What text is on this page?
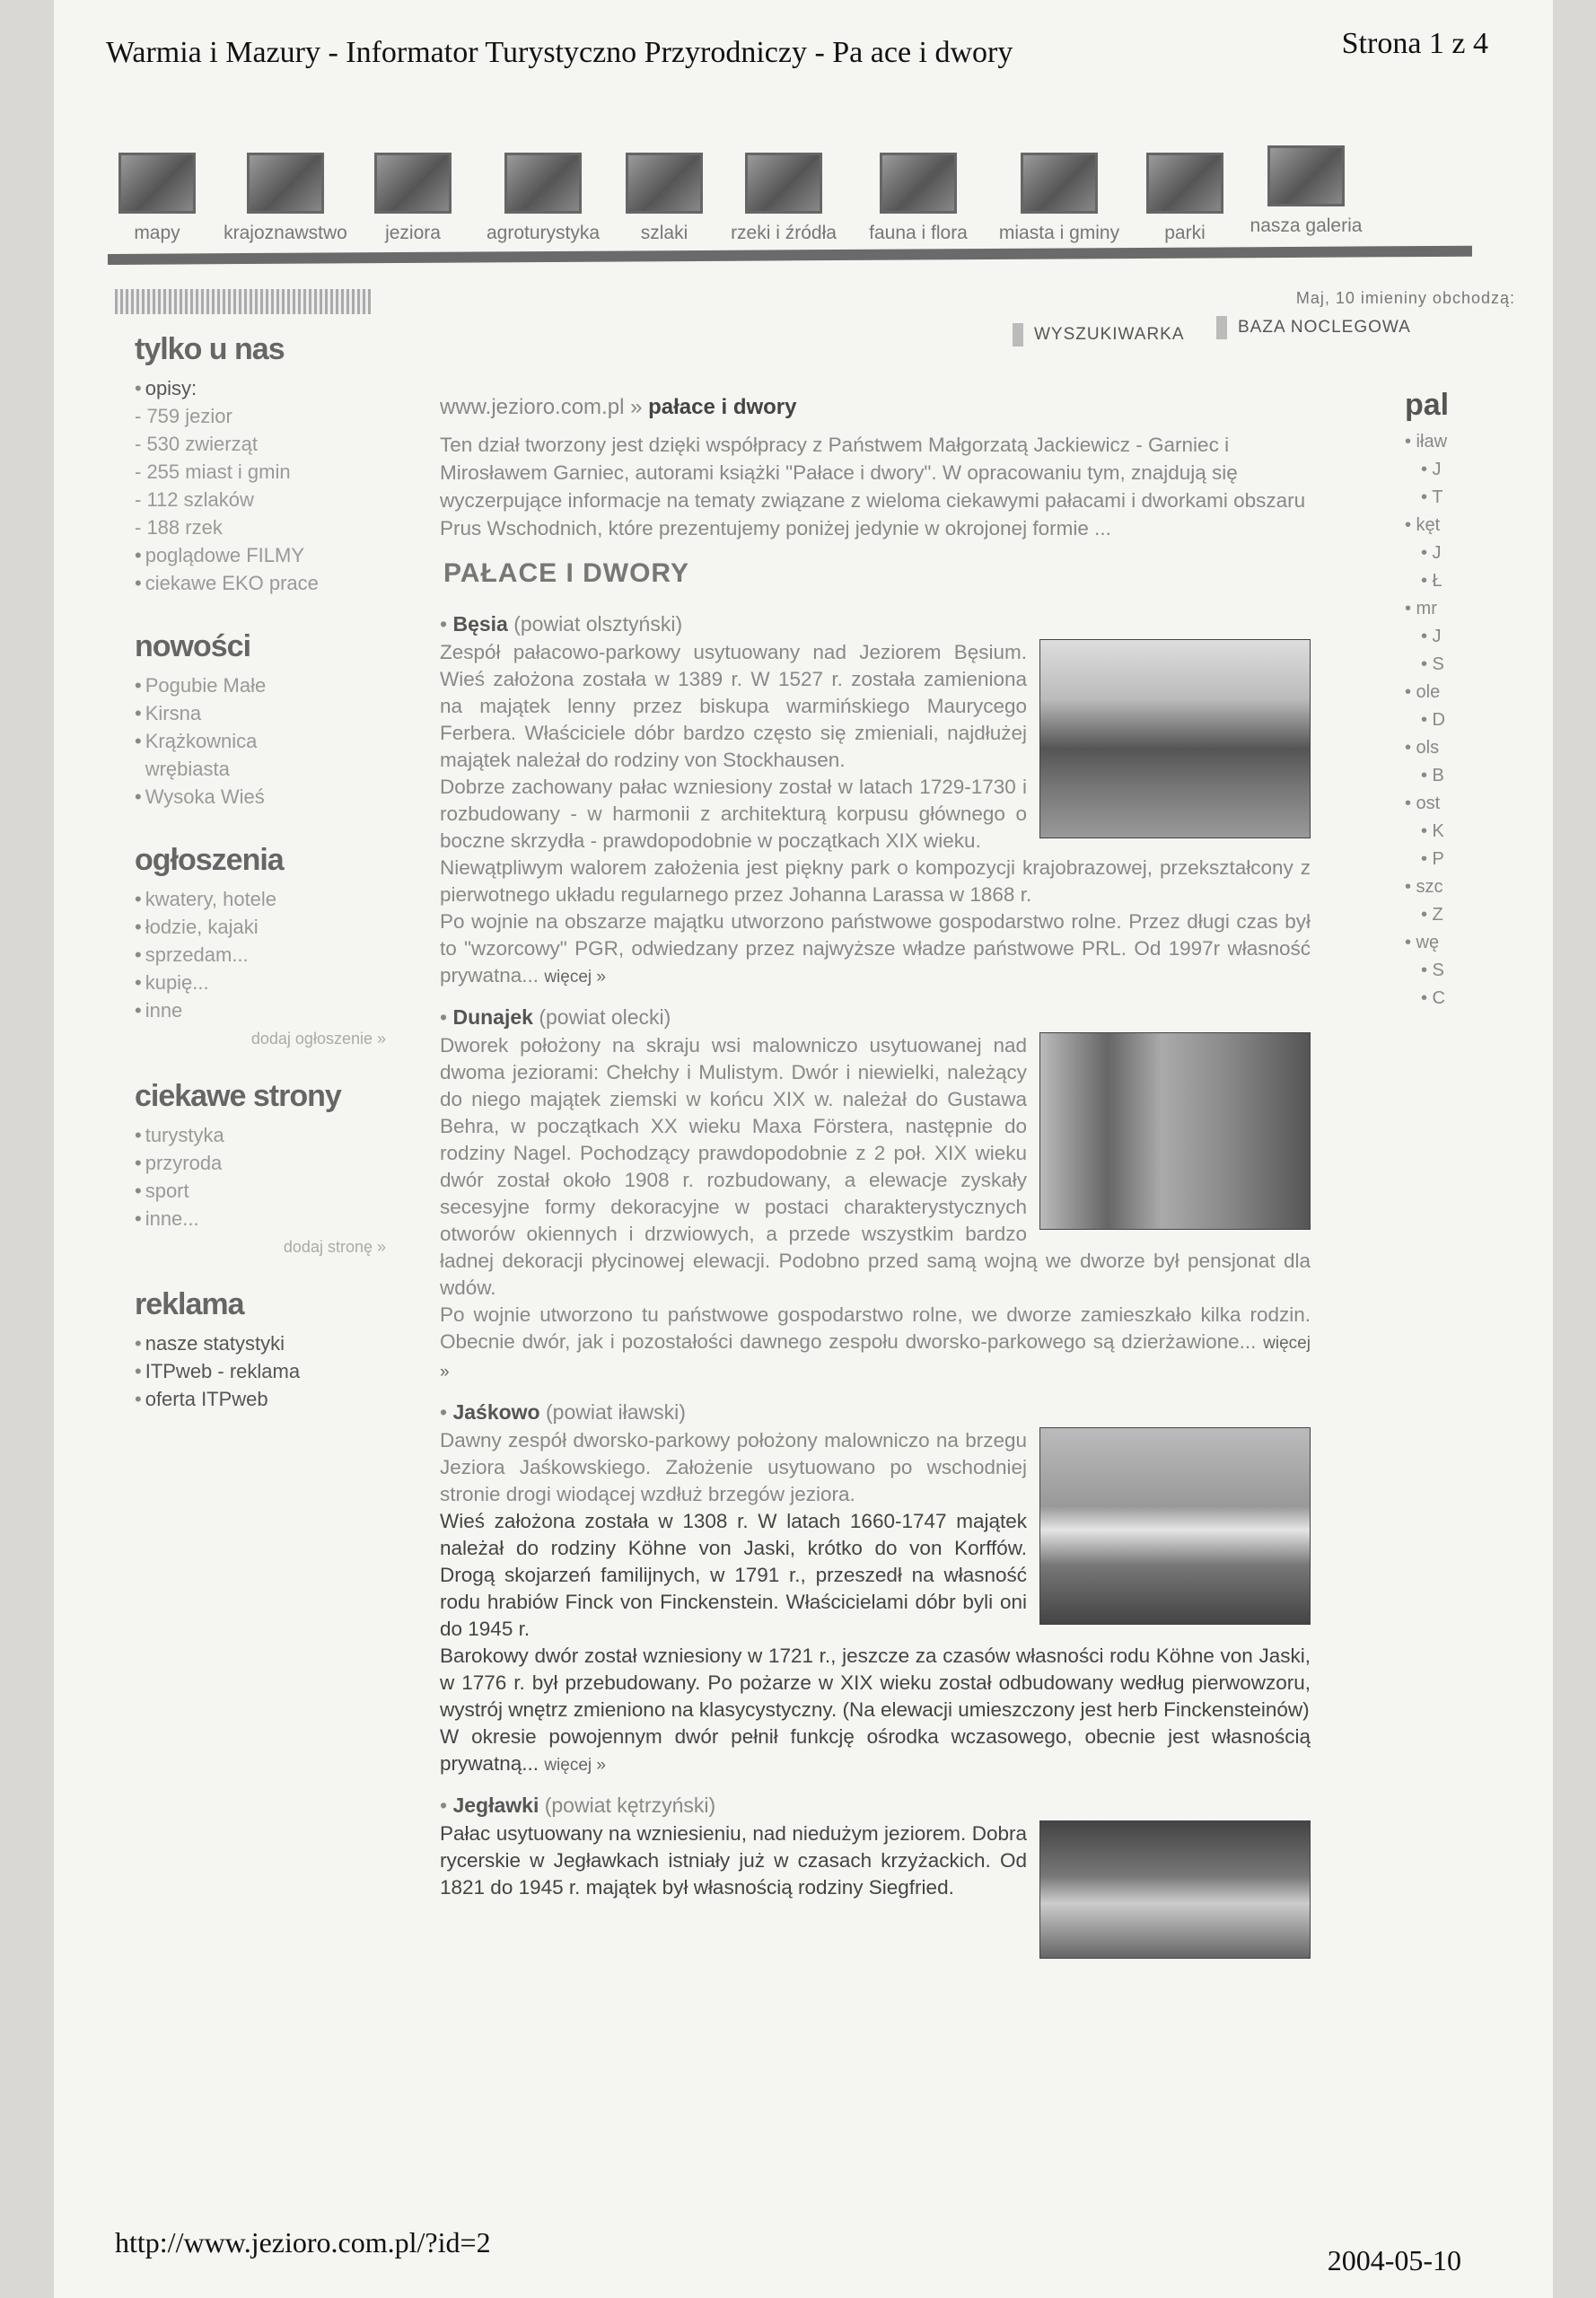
Warmia i Mazury - Informator Turystyczno Przyrodniczy - Pa ace i dwory	Strona 1 z 4
mapy	krajoznawstwo	jeziora	agroturystyka	szlaki	rzeki i źródła	fauna i flora	miasta i gminy	parki	nasza galeria
Maj, 10 imieniny obchodzą:
WYSZUKIWARKA	BAZA NOCLEGOWA
tylko u nas
• opisy:
- 759 jezior
- 530 zwierząt
- 255 miast i gmin
- 112 szlaków
- 188 rzek
• poglądowe FILMY
• ciekawe EKO prace
nowości
• Pogubie Małe
• Kirsna
• Krążkownica
wrębiasta
• Wysoka Wieś
ogłoszenia
• kwatery, hotele
• łodzie, kajaki
• sprzedam...
• kupię...
• inne
dodaj ogłoszenie »
ciekawe strony
• turystyka
• przyroda
• sport
• inne...
dodaj stronę »
reklama
• nasze statystyki
• ITPweb - reklama
• oferta ITPweb
pal
• iław
• J
• T
• kęt
• J
• Ł
• mr
• J
• S
• ole
• D
• ols
• B
• ost
• K
• P
• szc
• Z
• wę
• S
• C
www.jezioro.com.pl » pałace i dwory
Ten dział tworzony jest dzięki współpracy z Państwem Małgorzatą Jackiewicz - Garniec i Mirosławem Garniec, autorami książki "Pałace i dwory". W opracowaniu tym, znajdują się wyczerpujące informacje na tematy związane z wieloma ciekawymi pałacami i dworkami obszaru Prus Wschodnich, które prezentujemy poniżej jedynie w okrojonej formie ...
PAŁACE I DWORY
• Bęsia (powiat olsztyński)

Zespół pałacowo-parkowy usytuowany nad Jeziorem Bęsium. Wieś założona została w 1389 r. W 1527 r. została zamieniona na majątek lenny przez biskupa warmińskiego Maurycego Ferbera. Właściciele dóbr bardzo często się zmieniali, najdłużej majątek należał do rodziny von Stockhausen.

Dobrze zachowany pałac wzniesiony został w latach 1729-1730 i rozbudowany - w harmonii z architekturą korpusu głównego o boczne skrzydła - prawdopodobnie w początkach XIX wieku.

Niewątpliwym walorem założenia jest piękny park o kompozycji krajobrazowej, przekształcony z pierwotnego układu regularnego przez Johanna Larassa w 1868 r.

Po wojnie na obszarze majątku utworzono państwowe gospodarstwo rolne. Przez długi czas był to "wzorcowy" PGR, odwiedzany przez najwyższe władze państwowe PRL. Od 1997r własność prywatna... więcej »

• Dunajek (powiat olecki)

Dworek położony na skraju wsi malowniczo usytuowanej nad dwoma jeziorami: Chełchy i Mulistym. Dwór i niewielki, należący do niego majątek ziemski w końcu XIX w. należał do Gustawa Behra, w początkach XX wieku Maxa Förstera, następnie do rodziny Nagel. Pochodzący prawdopodobnie z 2 poł. XIX wieku dwór został około 1908 r. rozbudowany, a elewacje zyskały secesyjne formy dekoracyjne w postaci charakterystycznych otworów okiennych i drzwiowych, a przede wszystkim bardzo ładnej dekoracji płycinowej elewacji. Podobno przed samą wojną we dworze był pensjonat dla wdów.

Po wojnie utworzono tu państwowe gospodarstwo rolne, we dworze zamieszkało kilka rodzin. Obecnie dwór, jak i pozostałości dawnego zespołu dworsko-parkowego są dzierżawione... więcej »

• Jaśkowo (powiat iławski)

Dawny zespół dworsko-parkowy położony malowniczo na brzegu Jeziora Jaśkowskiego. Założenie usytuowano po wschodniej stronie drogi wiodącej wzdłuż brzegów jeziora.

Wieś założona została w 1308 r. W latach 1660-1747 majątek należał do rodziny Köhne von Jaski, krótko do von Korffów. Drogą skojarzeń familijnych, w 1791 r., przeszedł na własność rodu hrabiów Finck von Finckenstein. Właścicielami dóbr byli oni do 1945 r.

Barokowy dwór został wzniesiony w 1721 r., jeszcze za czasów własności rodu Köhne von Jaski, w 1776 r. był przebudowany. Po pożarze w XIX wieku został odbudowany według pierwowzoru, wystrój wnętrz zmieniono na klasycystyczny. (Na elewacji umieszczony jest herb Finckensteinów)

W okresie powojennym dwór pełnił funkcję ośrodka wczasowego, obecnie jest własnością prywatną... więcej »

• Jegławki (powiat kętrzyński)

Pałac usytuowany na wzniesieniu, nad niedużym jeziorem. Dobra rycerskie w Jegławkach istniały już w czasach krzyżackich. Od 1821 do 1945 r. majątek był własnością rodziny Siegfried.

http://www.jezioro.com.pl/?id=2
2004-05-10
